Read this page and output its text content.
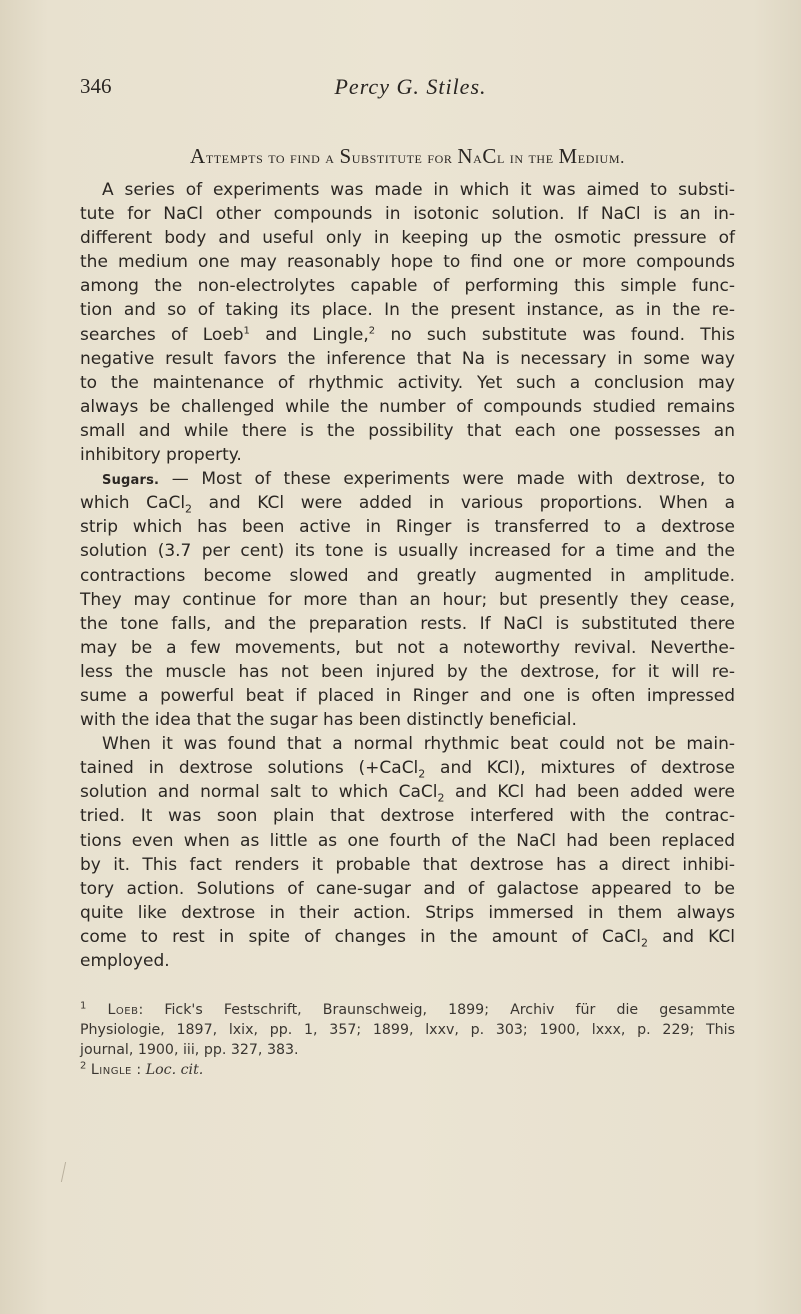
346	Percy G. Stiles.
Attempts to find a Substitute for NaCl in the Medium.
A series of experiments was made in which it was aimed to substi-
tute for NaCl other compounds in isotonic solution. If NaCl is an in-
different body and useful only in keeping up the osmotic pressure of
the medium one may reasonably hope to find one or more compounds
among the non-electrolytes capable of performing this simple func-
tion and so of taking its place. In the present instance, as in the re-
searches of Loeb$^1$ and Lingle,$^2$ no such substitute was found. This
negative result favors the inference that Na is necessary in some way
to the maintenance of rhythmic activity. Yet such a conclusion may
always be challenged while the number of compounds studied remains
small and while there is the possibility that each one possesses an
inhibitory property.
Sugars. — Most of these experiments were made with dextrose, to
which CaCl$_2$ and KCl were added in various proportions. When a
strip which has been active in Ringer is transferred to a dextrose
solution (3.7 per cent) its tone is usually increased for a time and the
contractions become slowed and greatly augmented in amplitude.
They may continue for more than an hour; but presently they cease,
the tone falls, and the preparation rests. If NaCl is substituted there
may be a few movements, but not a noteworthy revival. Neverthe-
less the muscle has not been injured by the dextrose, for it will re-
sume a powerful beat if placed in Ringer and one is often impressed
with the idea that the sugar has been distinctly beneficial.
When it was found that a normal rhythmic beat could not be main-
tained in dextrose solutions (+CaCl$_2$ and KCl), mixtures of dextrose
solution and normal salt to which CaCl$_2$ and KCl had been added were
tried. It was soon plain that dextrose interfered with the contrac-
tions even when as little as one fourth of the NaCl had been replaced
by it. This fact renders it probable that dextrose has a direct inhibi-
tory action. Solutions of cane-sugar and of galactose appeared to be
quite like dextrose in their action. Strips immersed in them always
come to rest in spite of changes in the amount of CaCl$_2$ and KCl
employed.
$^1$ Loeb: Fick's Festschrift, Braunschweig, 1899; Archiv für die gesammte
Physiologie, 1897, lxix, pp. 1, 357; 1899, lxxv, p. 303; 1900, lxxx, p. 229; This
journal, 1900, iii, pp. 327, 383.
$^2$ Lingle : Loc. cit.
